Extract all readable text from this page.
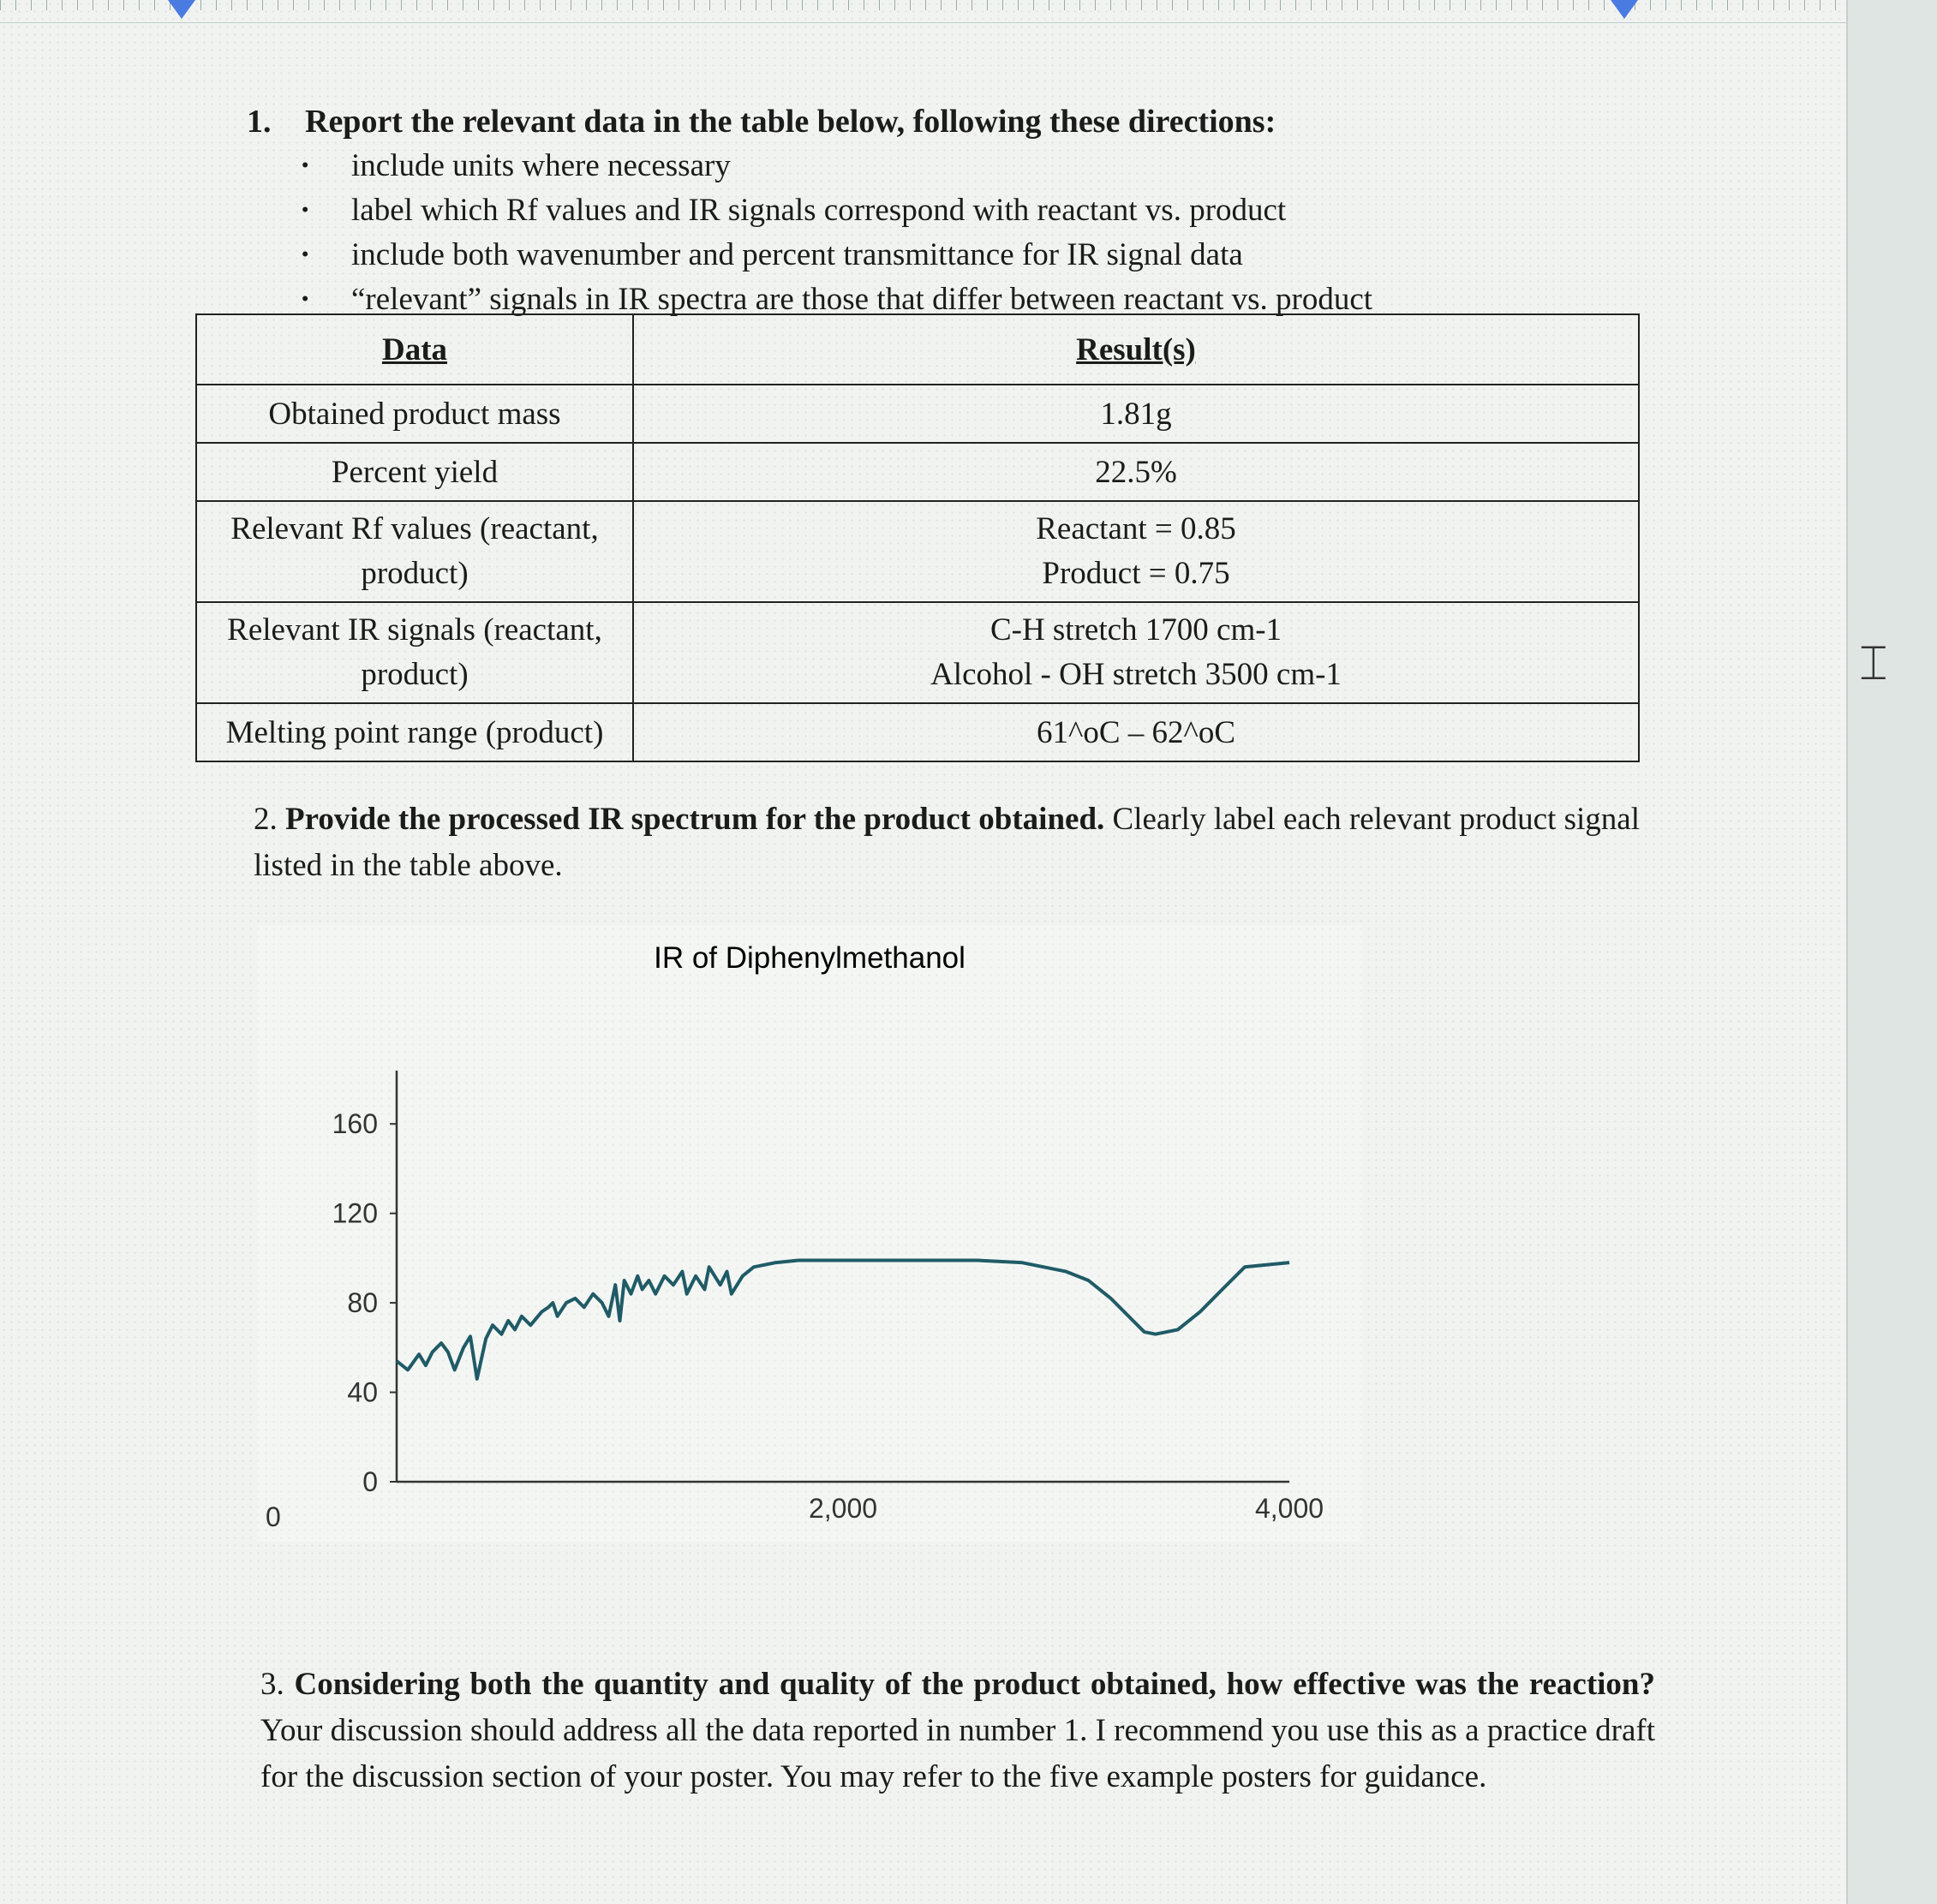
1. Report the relevant data in the table below, following these directions:
· include units where necessary
· label which Rf values and IR signals correspond with reactant vs. product
· include both wavenumber and percent transmittance for IR signal data
· “relevant” signals in IR spectra are those that differ between reactant vs. product
Data	Result(s)
Obtained product mass	1.81g
Percent yield	22.5%
Relevant Rf values (reactant, product)	Reactant = 0.85
Product = 0.75

Relevant IR signals (reactant, product)	C-H stretch 1700 cm-1
Alcohol - OH stretch 3500 cm-1

Melting point range (product)	61^oC – 62^oC
2. Provide the processed IR spectrum for the product obtained. Clearly label each relevant product signal listed in the table above.
IR of Diphenylmethanol
0
40
80
120
160
2,000	4,000
0
3. Considering both the quantity and quality of the product obtained, how effective was the reaction? Your discussion should address all the data reported in number 1. I recommend you use this as a practice draft for the discussion section of your poster. You may refer to the five example posters for guidance.
⌶
